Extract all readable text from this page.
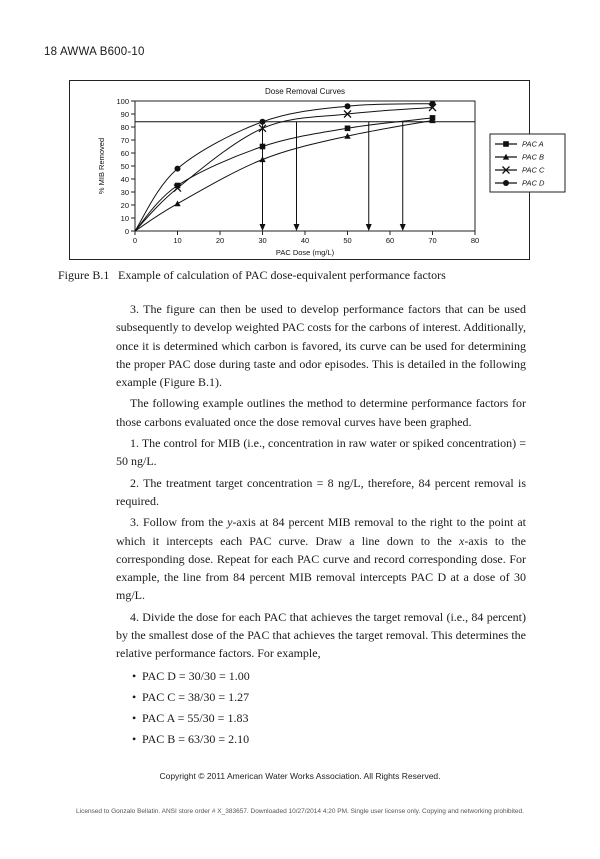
18 AWWA B600-10
Dose Removal Curves
0
10
20
30
40
50
60
70
80
90
100
0	10	20	30	40	50	60	70	80
PAC Dose (mg/L)
% MIB Removed	PAC A
PAC B
PAC C
PAC D
Figure B.1 Example of calculation of PAC dose-equivalent performance factors

3. The figure can then be used to develop performance factors that can be used subsequently to develop weighted PAC costs for the carbons of interest. Additionally, once it is determined which carbon is favored, its curve can be used for determining the proper PAC dose during taste and odor episodes. This is detailed in the following example (Figure B.1).

The following example outlines the method to determine performance factors for those carbons evaluated once the dose removal curves have been graphed.

1. The control for MIB (i.e., concentration in raw water or spiked concentration) = 50 ng/L.

2. The treatment target concentration = 8 ng/L, therefore, 84 percent removal is required.

3. Follow from the y-axis at 84 percent MIB removal to the right to the point at which it intercepts each PAC curve. Draw a line down to the x-axis to the corresponding dose. Repeat for each PAC curve and record corresponding dose. For example, the line from 84 percent MIB removal intercepts PAC D at a dose of 30 mg/L.

4. Divide the dose for each PAC that achieves the target removal (i.e., 84 percent) by the smallest dose of the PAC that achieves the target removal. This determines the relative performance factors. For example,

• PAC D = 30/30 = 1.00
• PAC C = 38/30 = 1.27
• PAC A = 55/30 = 1.83
• PAC B = 63/30 = 2.10
Copyright © 2011 American Water Works Association. All Rights Reserved.
Licensed to Gonzalo Bellatin. ANSI store order # X_383657. Downloaded 10/27/2014 4:20 PM. Single user license only. Copying and networking prohibited.
